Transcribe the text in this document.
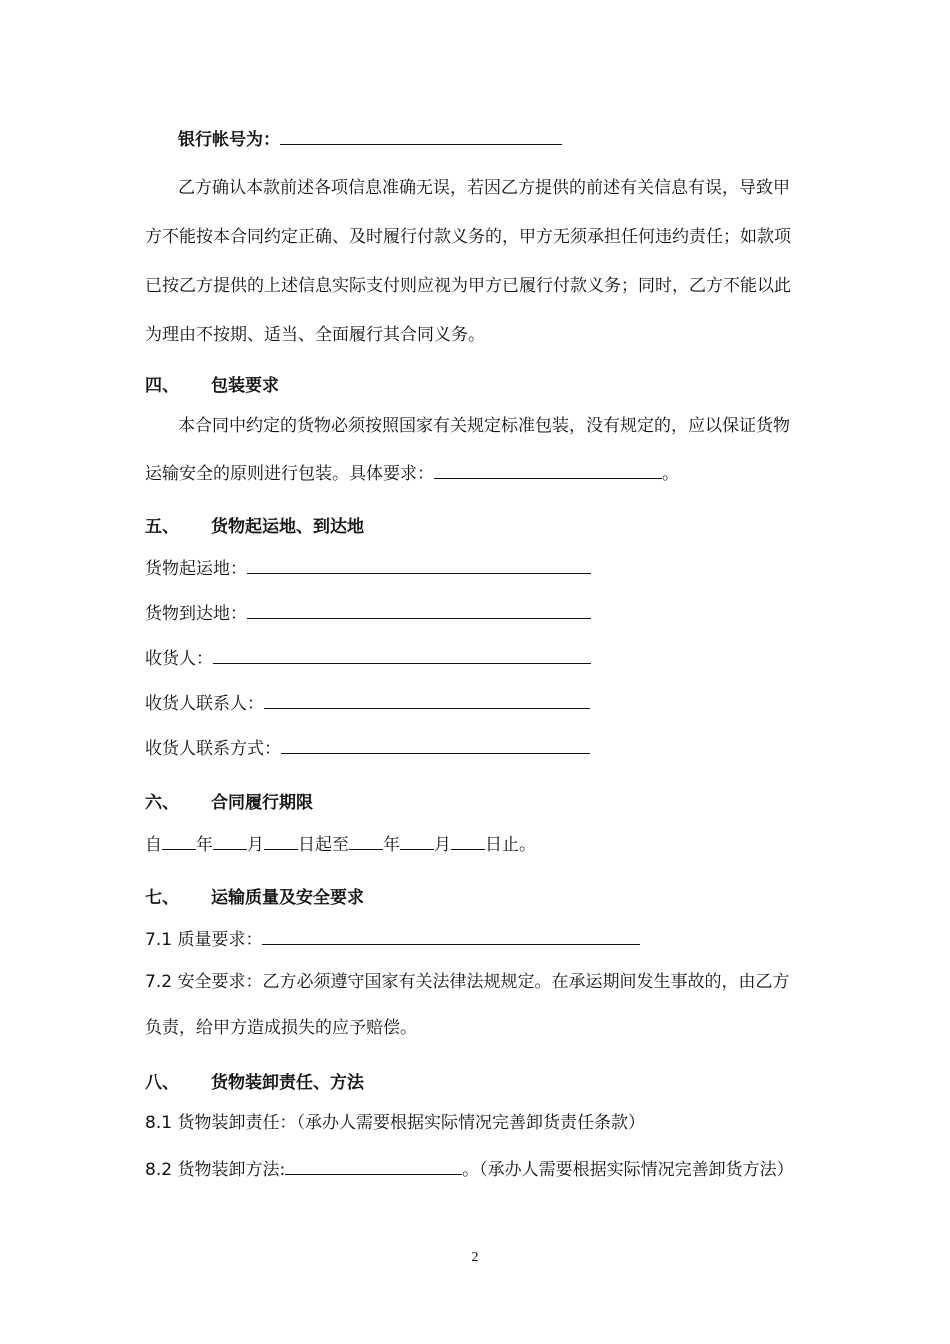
银行帐号为：
乙方确认本款前述各项信息准确无误，若因乙方提供的前述有关信息有误，导致甲
方不能按本合同约定正确、及时履行付款义务的，甲方无须承担任何违约责任；如款项
已按乙方提供的上述信息实际支付则应视为甲方已履行付款义务；同时，乙方不能以此
为理由不按期、适当、全面履行其合同义务。
四、 包装要求
本合同中约定的货物必须按照国家有关规定标准包装，没有规定的，应以保证货物
运输安全的原则进行包装。具体要求：	。
五、 货物起运地、到达地
货物起运地：
货物到达地：
收货人：
收货人联系人：
收货人联系方式：
六、 合同履行期限
自 年 月 日起至 年 月 日止。
七、 运输质量及安全要求
7.1 质量要求：
7.2 安全要求：乙方必须遵守国家有关法律法规规定。在承运期间发生事故的，由乙方
负责，给甲方造成损失的应予赔偿。
八、 货物装卸责任、方法
8.1 货物装卸责任：（承办人需要根据实际情况完善卸货责任条款）
8.2 货物装卸方法:	。（承办人需要根据实际情况完善卸货方法）
2
